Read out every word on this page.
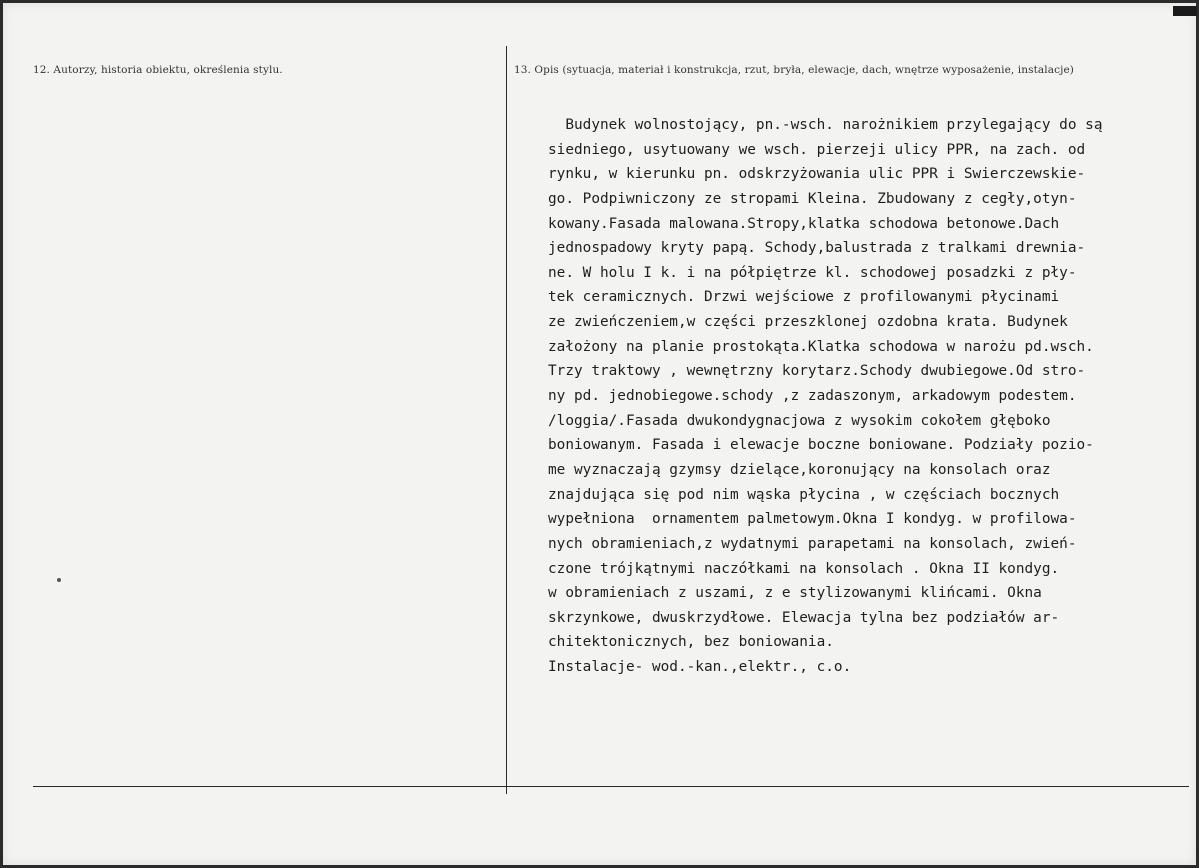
12. Autorzy, historia obiektu, określenia stylu.	13. Opis (sytuacja, materiał i konstrukcja, rzut, bryła, elewacje, dach, wnętrze wyposażenie, instalacje)
Budynek wolnostojący, pn.-wsch. narożnikiem przylegający do są
siedniego, usytuowany we wsch. pierzeji ulicy PPR, na zach. od
rynku, w kierunku pn. odskrzyżowania ulic PPR i Swierczewskie-
go. Podpiwniczony ze stropami Kleina. Zbudowany z cegły,otyn-
kowany.Fasada malowana.Stropy,klatka schodowa betonowe.Dach
jednospadowy kryty papą. Schody,balustrada z tralkami drewnia-
ne. W holu I k. i na półpiętrze kl. schodowej posadzki z pły-
tek ceramicznych. Drzwi wejściowe z profilowanymi płycinami
ze zwieńczeniem,w części przeszklonej ozdobna krata. Budynek
założony na planie prostokąta.Klatka schodowa w narożu pd.wsch.
Trzy traktowy , wewnętrzny korytarz.Schody dwubiegowe.Od stro-
ny pd. jednobiegowe.schody ,z zadaszonym, arkadowym podestem.
/loggia/.Fasada dwukondygnacjowa z wysokim cokołem głęboko
boniowanym. Fasada i elewacje boczne boniowane. Podziały pozio-
me wyznaczają gzymsy dzielące,koronujący na konsolach oraz
znajdująca się pod nim wąska płycina , w częściach bocznych
wypełniona  ornamentem palmetowym.Okna I kondyg. w profilowa-
nych obramieniach,z wydatnymi parapetami na konsolach, zwień-
czone trójkątnymi naczółkami na konsolach . Okna II kondyg.
w obramieniach z uszami, z e stylizowanymi klińcami. Okna
skrzynkowe, dwuskrzydłowe. Elewacja tylna bez podziałów ar-
chitektonicznych, bez boniowania.
Instalacje- wod.-kan.,elektr., c.o.
